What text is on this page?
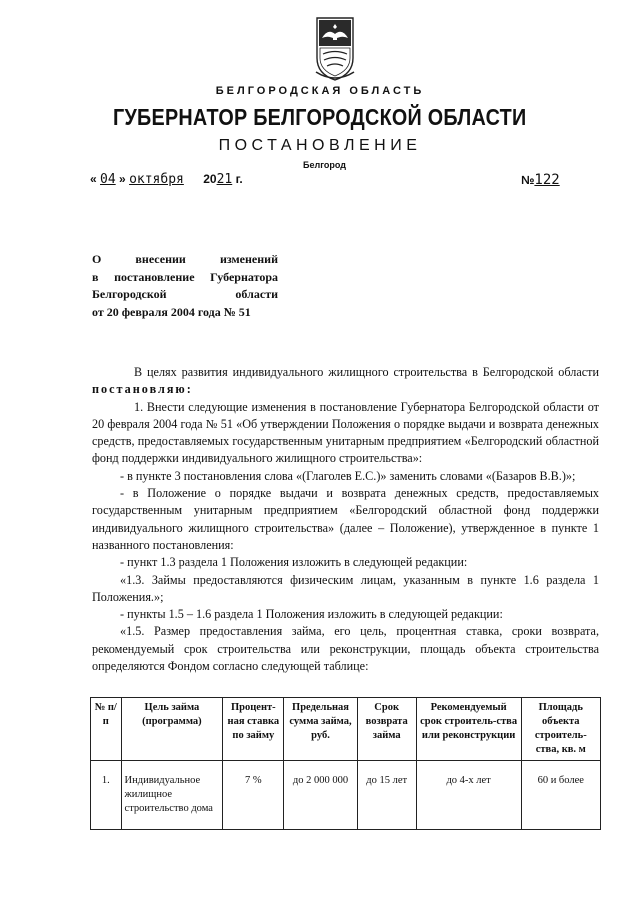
БЕЛГОРОДСКАЯ ОБЛАСТЬ
ГУБЕРНАТОР БЕЛГОРОДСКОЙ ОБЛАСТИ
ПОСТАНОВЛЕНИЕ
Белгород
« 04 » октября 2021 г.	№122
О внесении изменений
в постановление Губернатора
Белгородской области
от 20 февраля 2004 года № 51

В целях развития индивидуального жилищного строительства в Белгородской области постановляю:

1. Внести следующие изменения в постановление Губернатора Белгородской области от 20 февраля 2004 года № 51 «Об утверждении Положения о порядке выдачи и возврата денежных средств, предоставляемых государственным унитарным предприятием «Белгородский областной фонд поддержки индивидуального жилищного строительства»:

- в пункте 3 постановления слова «(Глаголев Е.С.)» заменить словами «(Базаров В.В.)»;

- в Положение о порядке выдачи и возврата денежных средств, предоставляемых государственным унитарным предприятием «Белгородский областной фонд поддержки индивидуального жилищного строительства» (далее – Положение), утвержденное в пункте 1 названного постановления:

- пункт 1.3 раздела 1 Положения изложить в следующей редакции:

«1.3. Займы предоставляются физическим лицам, указанным в пункте 1.6 раздела 1 Положения.»;

- пункты 1.5 – 1.6 раздела 1 Положения изложить в следующей редакции:

«1.5. Размер предоставления займа, его цель, процентная ставка, сроки возврата, рекомендуемый срок строительства или реконструкции, площадь объекта строительства определяются Фондом согласно следующей таблице:

№ п/п	Цель займа (программа)	Процент-ная ставка по займу	Предельная сумма займа, руб.	Срок возврата займа	Рекомендуемый срок строитель-ства или реконструкции	Площадь объекта строитель-ства, кв. м
1.	Индивидуальное жилищное строительство дома	7 %	до 2 000 000	до 15 лет	до 4-х лет	60 и более
